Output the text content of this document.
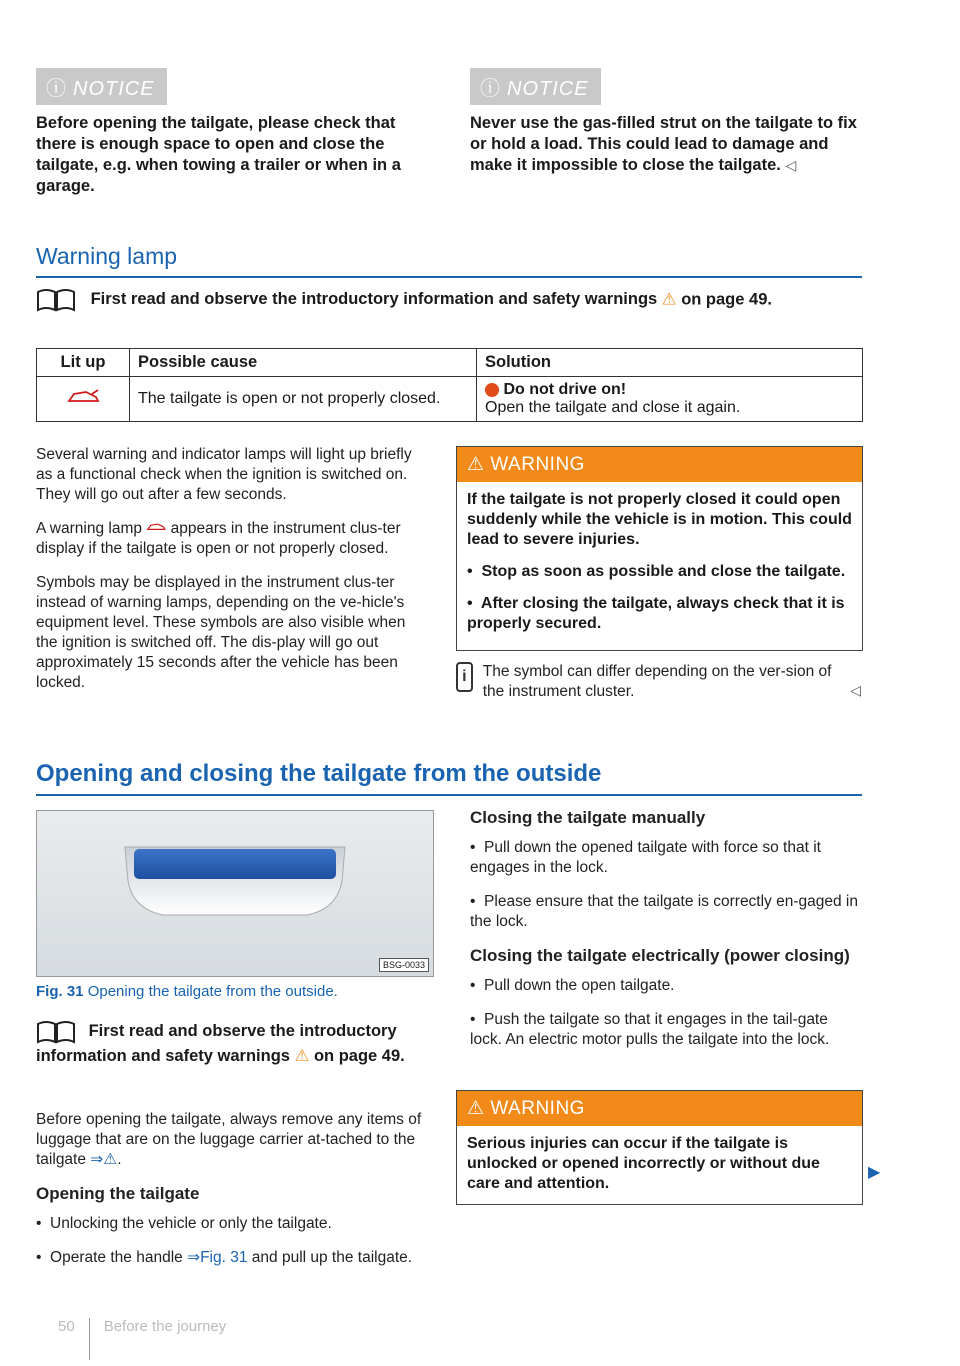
ⓘ NOTICE
Before opening the tailgate, please check that there is enough space to open and close the tailgate, e.g. when towing a trailer or when in a garage.
ⓘ NOTICE
Never use the gas-filled strut on the tailgate to fix or hold a load. This could lead to damage and make it impossible to close the tailgate. ◁
Warning lamp
First read and observe the introductory information and safety warnings ⚠ on page 49.
Lit up	Possible cause	Solution
	The tailgate is open or not properly closed.	Do not drive on!
Open the tailgate and close it again.

Several warning and indicator lamps will light up briefly as a functional check when the ignition is switched on. They will go out after a few seconds.

A warning lamp appears in the instrument clus-ter display if the tailgate is open or not properly closed.

Symbols may be displayed in the instrument clus-ter instead of warning lamps, depending on the ve-hicle's equipment level. These symbols are also visible when the ignition is switched off. The dis-play will go out approximately 15 seconds after the vehicle has been locked.

⚠ WARNING

If the tailgate is not properly closed it could open suddenly while the vehicle is in motion. This could lead to severe injuries.

•  Stop as soon as possible and close the tailgate.

•  After closing the tailgate, always check that it is properly secured.

i	The symbol can differ depending on the ver-sion of the instrument cluster.	◁
Opening and closing the tailgate from the outside
BSG-0033
Fig. 31 Opening the tailgate from the outside.
First read and observe the introductory information and safety warnings ⚠ on page 49.

Before opening the tailgate, always remove any items of luggage that are on the luggage carrier at-tached to the tailgate ⇒⚠.

Opening the tailgate

•  Unlocking the vehicle or only the tailgate.

•  Operate the handle ⇒Fig. 31 and pull up the tailgate.

Closing the tailgate manually

•  Pull down the opened tailgate with force so that it engages in the lock.

•  Please ensure that the tailgate is correctly en-gaged in the lock.

Closing the tailgate electrically (power closing)

•  Pull down the open tailgate.

•  Push the tailgate so that it engages in the tail-gate lock. An electric motor pulls the tailgate into the lock.

⚠ WARNING
Serious injuries can occur if the tailgate is unlocked or opened incorrectly or without due care and attention.
▶
50 Before the journey
